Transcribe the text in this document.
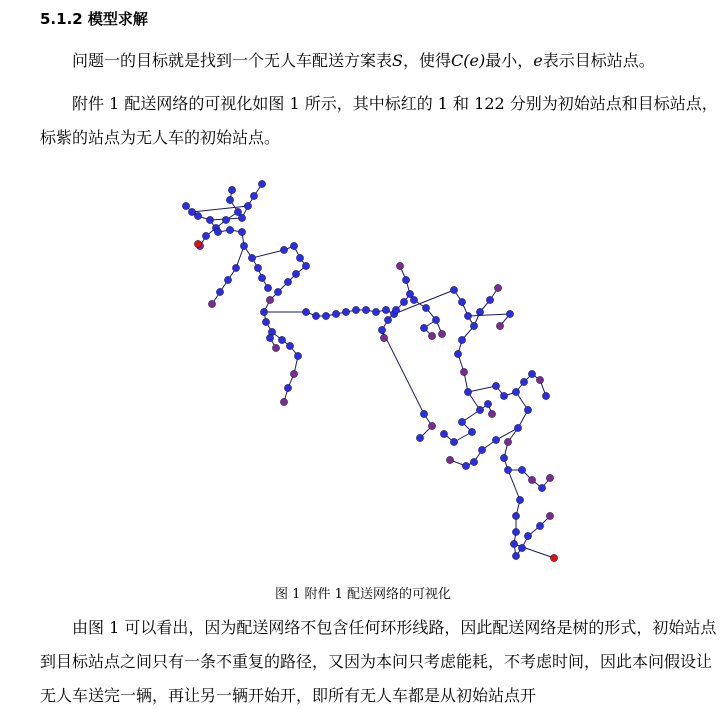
5.1.2 模型求解
问题一的目标就是找到一个无人车配送方案表S，使得C(e)最小，e表示目标站点。
附件 1 配送网络的可视化如图 1 所示，其中标红的 1 和 122 分别为初始站点和目标站点，标紫的站点为无人车的初始站点。
图 1 附件 1 配送网络的可视化
由图 1 可以看出，因为配送网络不包含任何环形线路，因此配送网络是树的形式，初始站点到目标站点之间只有一条不重复的路径，又因为本问只考虑能耗，不考虑时间，因此本问假设让无人车送完一辆，再让另一辆开始开，即所有无人车都是从初始站点开
